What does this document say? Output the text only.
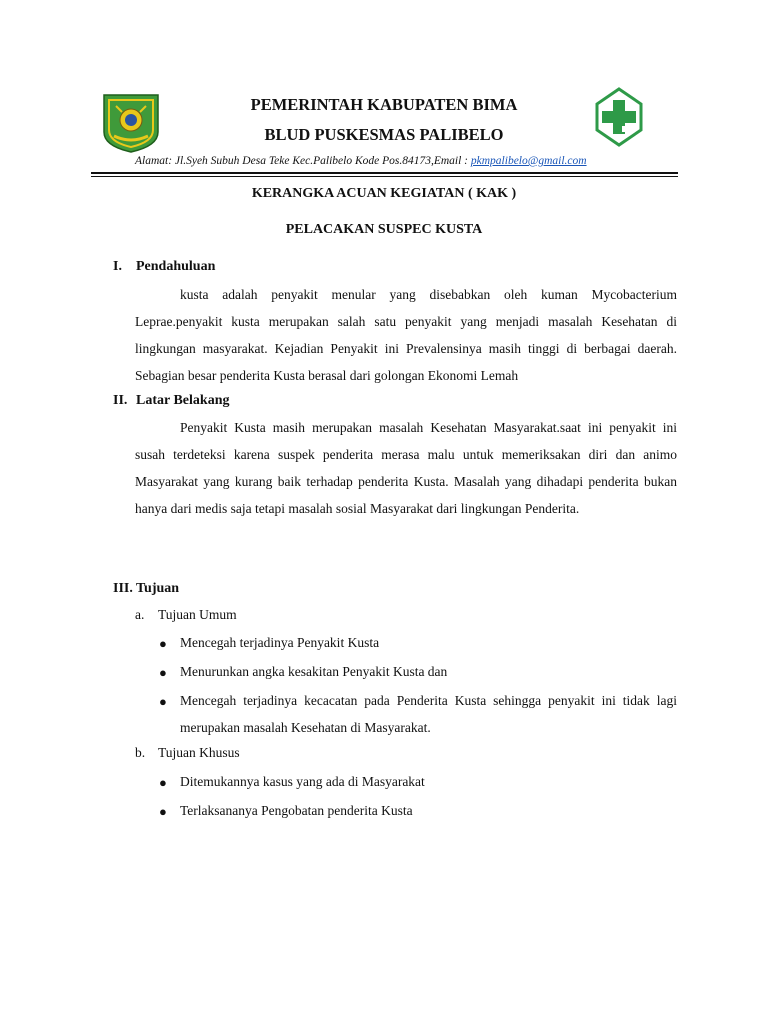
PEMERINTAH KABUPATEN BIMA
BLUD PUSKESMAS PALIBELO
Alamat: Jl.Syeh Subuh Desa Teke Kec.Palibelo Kode Pos.84173,Email : pkmpalibelo@gmail.com
KERANGKA ACUAN KEGIATAN ( KAK )
PELACAKAN SUSPEC KUSTA
I. Pendahuluan
kusta adalah penyakit menular yang disebabkan oleh kuman Mycobacterium Leprae.penyakit kusta merupakan salah satu penyakit yang menjadi masalah Kesehatan di lingkungan masyarakat. Kejadian Penyakit ini Prevalensinya masih tinggi di berbagai daerah. Sebagian besar penderita Kusta berasal dari golongan Ekonomi Lemah
II. Latar Belakang
Penyakit Kusta masih merupakan masalah Kesehatan Masyarakat.saat ini penyakit ini susah terdeteksi karena suspek penderita merasa malu untuk memeriksakan diri dan animo Masyarakat yang kurang baik terhadap penderita Kusta. Masalah yang dihadapi penderita bukan hanya dari medis saja tetapi masalah sosial Masyarakat dari lingkungan Penderita.
III. Tujuan
a. Tujuan Umum
● Mencegah terjadinya Penyakit Kusta
● Menurunkan angka kesakitan Penyakit Kusta dan
● Mencegah terjadinya kecacatan pada Penderita Kusta sehingga penyakit ini tidak lagi merupakan masalah Kesehatan di Masyarakat.
b. Tujuan Khusus
● Ditemukannya kasus yang ada di Masyarakat
● Terlaksananya Pengobatan penderita Kusta
